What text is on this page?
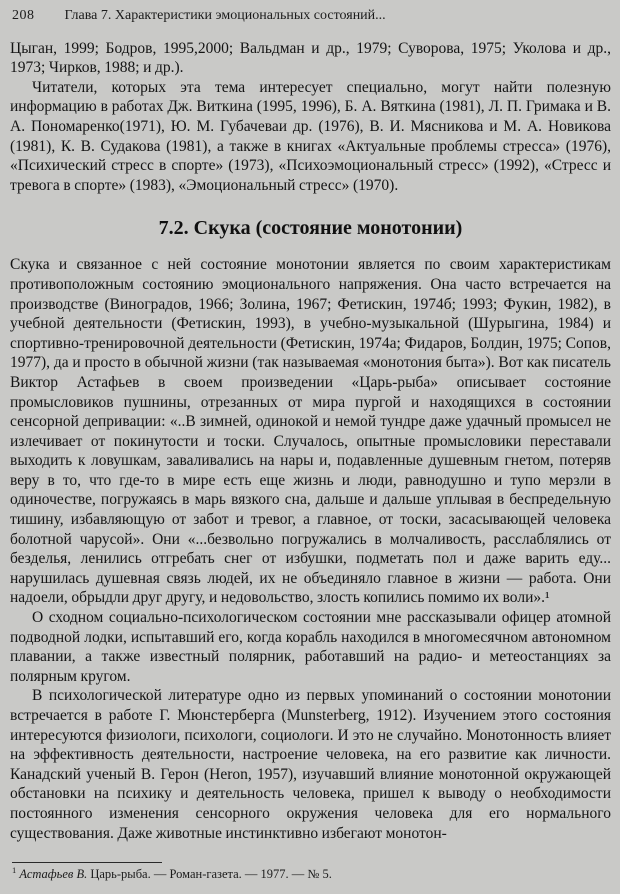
208 Глава 7. Характеристики эмоциональных состояний...

Цыган, 1999; Бодров, 1995,2000; Вальдман и др., 1979; Суворова, 1975; Уколова и др., 1973; Чирков, 1988; и др.).

Читатели, которых эта тема интересует специально, могут найти полезную информацию в работах Дж. Виткина (1995, 1996), Б. А. Вяткина (1981), Л. П. Гримака и В. А. Пономаренко(1971), Ю. М. Губачеваи др. (1976), В. И. Мясникова и М. А. Новикова (1981), К. В. Судакова (1981), а также в книгах «Актуальные проблемы стресса» (1976), «Психический стресс в спорте» (1973), «Психоэмоциональный стресс» (1992), «Стресс и тревога в спорте» (1983), «Эмоциональный стресс» (1970).

7.2. Скука (состояние монотонии)

Скука и связанное с ней состояние монотонии является по своим характеристикам противоположным состоянию эмоционального напряжения. Она часто встречается на производстве (Виноградов, 1966; Золина, 1967; Фетискин, 1974б; 1993; Фукин, 1982), в учебной деятельности (Фетискин, 1993), в учебно-музыкальной (Шурыгина, 1984) и спортивно-тренировочной деятельности (Фетискин, 1974а; Фидаров, Болдин, 1975; Сопов, 1977), да и просто в обычной жизни (так называемая «монотония быта»). Вот как писатель Виктор Астафьев в своем произведении «Царь-рыба» описывает состояние промысловиков пушнины, отрезанных от мира пургой и находящихся в состоянии сенсорной депривации: «..В зимней, одинокой и немой тундре даже удачный промысел не излечивает от покинутости и тоски. Случалось, опытные промысловики переставали выходить к ловушкам, заваливались на нары и, подавленные душевным гнетом, потеряв веру в то, что где-то в мире есть еще жизнь и люди, равнодушно и тупо мерзли в одиночестве, погружаясь в марь вязкого сна, дальше и дальше уплывая в беспредельную тишину, избавляющую от забот и тревог, а главное, от тоски, засасывающей человека болотной чарусой». Они «...безвольно погружались в молчаливость, расслаблялись от безделья, ленились отгребать снег от избушки, подметать пол и даже варить еду... нарушилась душевная связь людей, их не объединяло главное в жизни — работа. Они надоели, обрыдли друг другу, и недовольство, злость копились помимо их воли».¹

О сходном социально-психологическом состоянии мне рассказывали офицер атомной подводной лодки, испытавший его, когда корабль находился в многомесячном автономном плавании, а также известный полярник, работавший на радио- и метеостанциях за полярным кругом.

В психологической литературе одно из первых упоминаний о состоянии монотонии встречается в работе Г. Мюнстерберга (Munsterberg, 1912). Изучением этого состояния интересуются физиологи, психологи, социологи. И это не случайно. Монотонность влияет на эффективность деятельности, настроение человека, на его развитие как личности. Канадский ученый В. Герон (Heron, 1957), изучавший влияние монотонной окружающей обстановки на психику и деятельность человека, пришел к выводу о необходимости постоянного изменения сенсорного окружения человека для его нормального существования. Даже животные инстинктивно избегают монотон-

$^1$ Астафьев В. Царь-рыба. — Роман-газета. — 1977. — № 5.
